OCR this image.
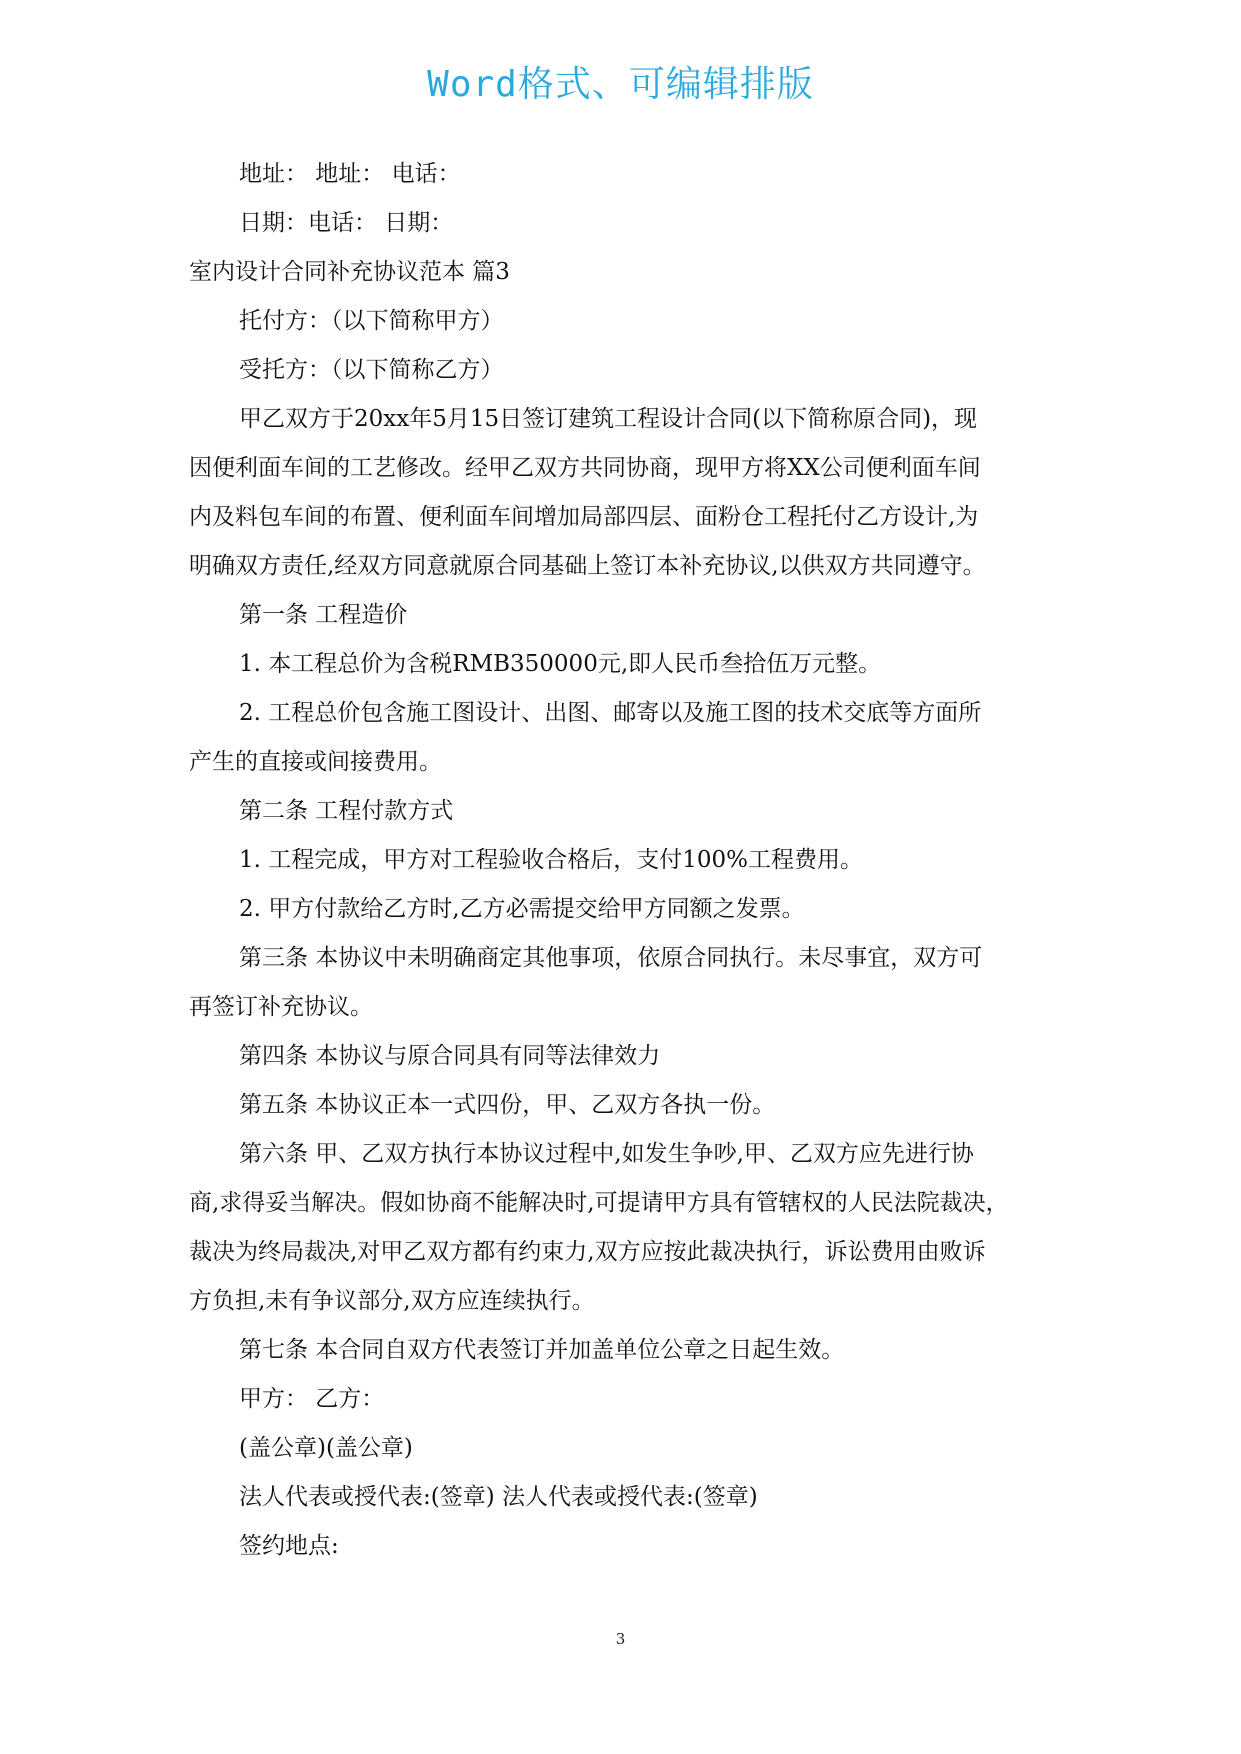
Word格式、可编辑排版
地址： 地址： 电话：
日期：电话： 日期：
室内设计合同补充协议范本 篇3
托付方：（以下简称甲方）
受托方：（以下简称乙方）
甲乙双方于20xx年5月15日签订建筑工程设计合同(以下简称原合同)，现
因便利面车间的工艺修改。经甲乙双方共同协商，现甲方将XX公司便利面车间
内及料包车间的布置、便利面车间增加局部四层、面粉仓工程托付乙方设计,为
明确双方责任,经双方同意就原合同基础上签订本补充协议,以供双方共同遵守。
第一条 工程造价
1. 本工程总价为含税RMB350000元,即人民币叁拾伍万元整。
2. 工程总价包含施工图设计、出图、邮寄以及施工图的技术交底等方面所
产生的直接或间接费用。
第二条 工程付款方式
1. 工程完成，甲方对工程验收合格后，支付100%工程费用。
2. 甲方付款给乙方时,乙方必需提交给甲方同额之发票。
第三条 本协议中未明确商定其他事项，依原合同执行。未尽事宜，双方可
再签订补充协议。
第四条 本协议与原合同具有同等法律效力
第五条 本协议正本一式四份，甲、乙双方各执一份。
第六条 甲、乙双方执行本协议过程中,如发生争吵,甲、乙双方应先进行协
商,求得妥当解决。假如协商不能解决时,可提请甲方具有管辖权的人民法院裁决，
裁决为终局裁决,对甲乙双方都有约束力,双方应按此裁决执行，诉讼费用由败诉
方负担,未有争议部分,双方应连续执行。
第七条 本合同自双方代表签订并加盖单位公章之日起生效。
甲方： 乙方：
(盖公章)(盖公章)
法人代表或授代表:(签章) 法人代表或授代表:(签章)
签约地点:
3
